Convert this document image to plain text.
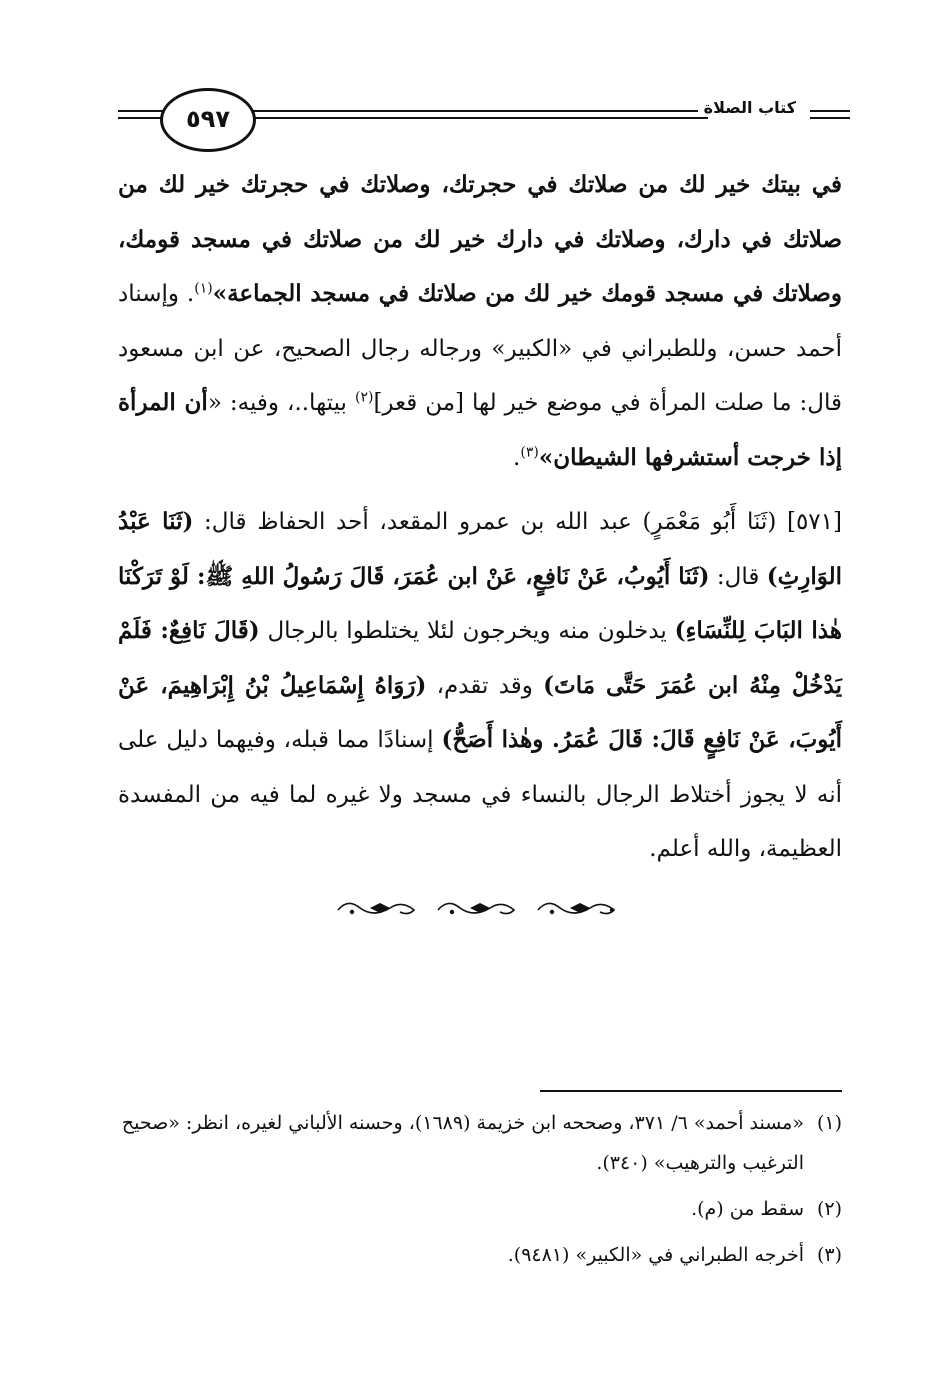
٥٩٧	كتاب الصلاة

في بيتك خير لك من صلاتك في حجرتك، وصلاتك في حجرتك خير لك من صلاتك في دارك، وصلاتك في دارك خير لك من صلاتك في مسجد قومك، وصلاتك في مسجد قومك خير لك من صلاتك في مسجد الجماعة»$^{(١)}$. وإسناد أحمد حسن، وللطبراني في «الكبير» ورجاله رجال الصحيح، عن ابن مسعود قال: ما صلت المرأة في موضع خير لها [من قعر]$^{(٢)}$ بيتها..، وفيه: «أن المرأة إذا خرجت أستشرفها الشيطان»$^{(٣)}$.

[٥٧١] (ثَنَا أَبُو مَعْمَرٍ) عبد الله بن عمرو المقعد، أحد الحفاظ قال: (ثَنَا عَبْدُ الوَارِثِ) قال: (ثَنَا أَيُوبُ، عَنْ نَافِعٍ، عَنْ ابن عُمَرَ، قَالَ رَسُولُ اللهِ ﷺ: لَوْ تَرَكْنَا هٰذا البَابَ لِلنِّسَاءِ) يدخلون منه ويخرجون لئلا يختلطوا بالرجال (قَالَ نَافِعٌ: فَلَمْ يَدْخُلْ مِنْهُ ابن عُمَرَ حَتَّى مَاتَ) وقد تقدم، (رَوَاهُ إِسْمَاعِيلُ بْنُ إِبْرَاهِيمَ، عَنْ أَيُوبَ، عَنْ نَافِعٍ قَالَ: قَالَ عُمَرُ. وهٰذا أَصَحُّ) إسنادًا مما قبله، وفيهما دليل على أنه لا يجوز أختلاط الرجال بالنساء في مسجد ولا غيره لما فيه من المفسدة العظيمة، والله أعلم.

(١)
«مسند أحمد» ٦/ ٣٧١، وصححه ابن خزيمة (١٦٨٩)، وحسنه الألباني لغيره، انظر: «صحيح الترغيب والترهيب» (٣٤٠).
(٢)
سقط من (م).
(٣)
أخرجه الطبراني في «الكبير» (٩٤٨١).
